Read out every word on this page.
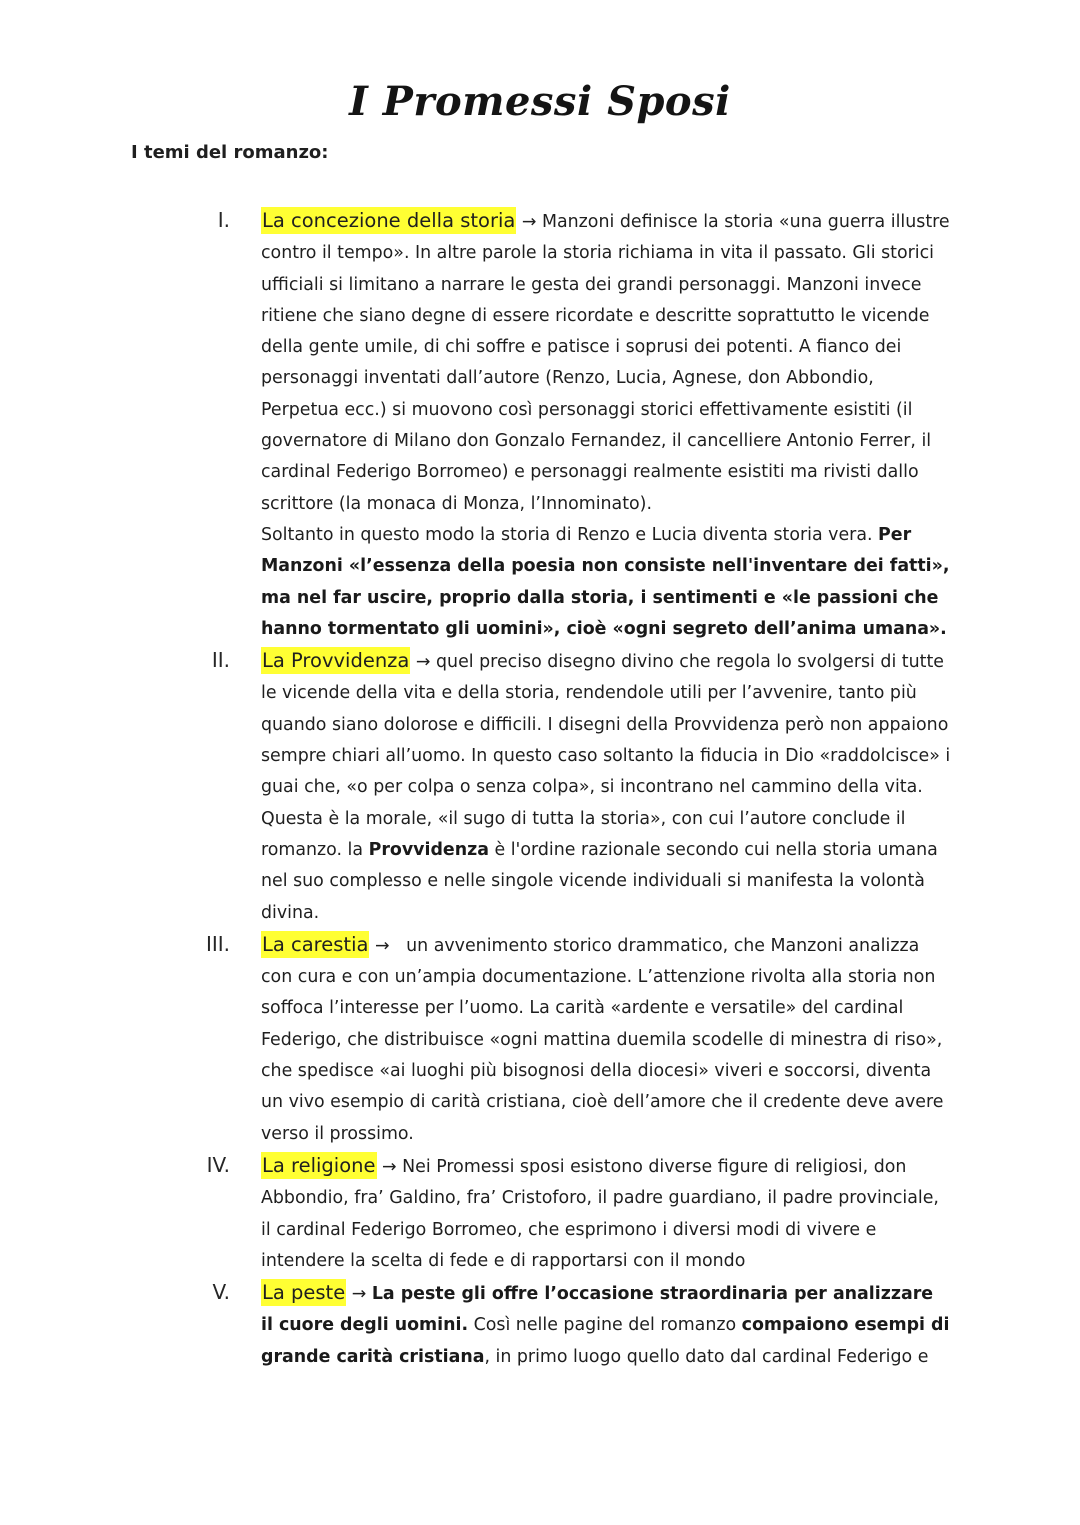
I Promessi Sposi
I temi del romanzo:
I. La concezione della storia → Manzoni definisce la storia «una guerra illustre contro il tempo». In altre parole la storia richiama in vita il passato. Gli storici ufficiali si limitano a narrare le gesta dei grandi personaggi. Manzoni invece ritiene che siano degne di essere ricordate e descritte soprattutto le vicende della gente umile, di chi soffre e patisce i soprusi dei potenti. A fianco dei personaggi inventati dall’autore (Renzo, Lucia, Agnese, don Abbondio, Perpetua ecc.) si muovono così personaggi storici effettivamente esistiti (il governatore di Milano don Gonzalo Fernandez, il cancelliere Antonio Ferrer, il cardinal Federigo Borromeo) e personaggi realmente esistiti ma rivisti dallo scrittore (la monaca di Monza, l’Innominato).
Soltanto in questo modo la storia di Renzo e Lucia diventa storia vera. Per Manzoni «l’essenza della poesia non consiste nell'inventare dei fatti», ma nel far uscire, proprio dalla storia, i sentimenti e «le passioni che hanno tormentato gli uomini», cioè «ogni segreto dell’anima umana».
II. La Provvidenza → quel preciso disegno divino che regola lo svolgersi di tutte le vicende della vita e della storia, rendendole utili per l’avvenire, tanto più quando siano dolorose e difficili. I disegni della Provvidenza però non appaiono sempre chiari all’uomo. In questo caso soltanto la fiducia in Dio «raddolcisce» i guai che, «o per colpa o senza colpa», si incontrano nel cammino della vita. Questa è la morale, «il sugo di tutta la storia», con cui l’autore conclude il romanzo. la Provvidenza è l'ordine razionale secondo cui nella storia umana nel suo complesso e nelle singole vicende individuali si manifesta la volontà divina.
III. La carestia → un avvenimento storico drammatico, che Manzoni analizza con cura e con un’ampia documentazione. L’attenzione rivolta alla storia non soffoca l’interesse per l’uomo. La carità «ardente e versatile» del cardinal Federigo, che distribuisce «ogni mattina duemila scodelle di minestra di riso», che spedisce «ai luoghi più bisognosi della diocesi» viveri e soccorsi, diventa un vivo esempio di carità cristiana, cioè dell’amore che il credente deve avere verso il prossimo.
IV. La religione → Nei Promessi sposi esistono diverse figure di religiosi, don Abbondio, fra’ Galdino, fra’ Cristoforo, il padre guardiano, il padre provinciale, il cardinal Federigo Borromeo, che esprimono i diversi modi di vivere e intendere la scelta di fede e di rapportarsi con il mondo
V. La peste → La peste gli offre l’occasione straordinaria per analizzare il cuore degli uomini. Così nelle pagine del romanzo compaiono esempi di grande carità cristiana, in primo luogo quello dato dal cardinal Federigo e
